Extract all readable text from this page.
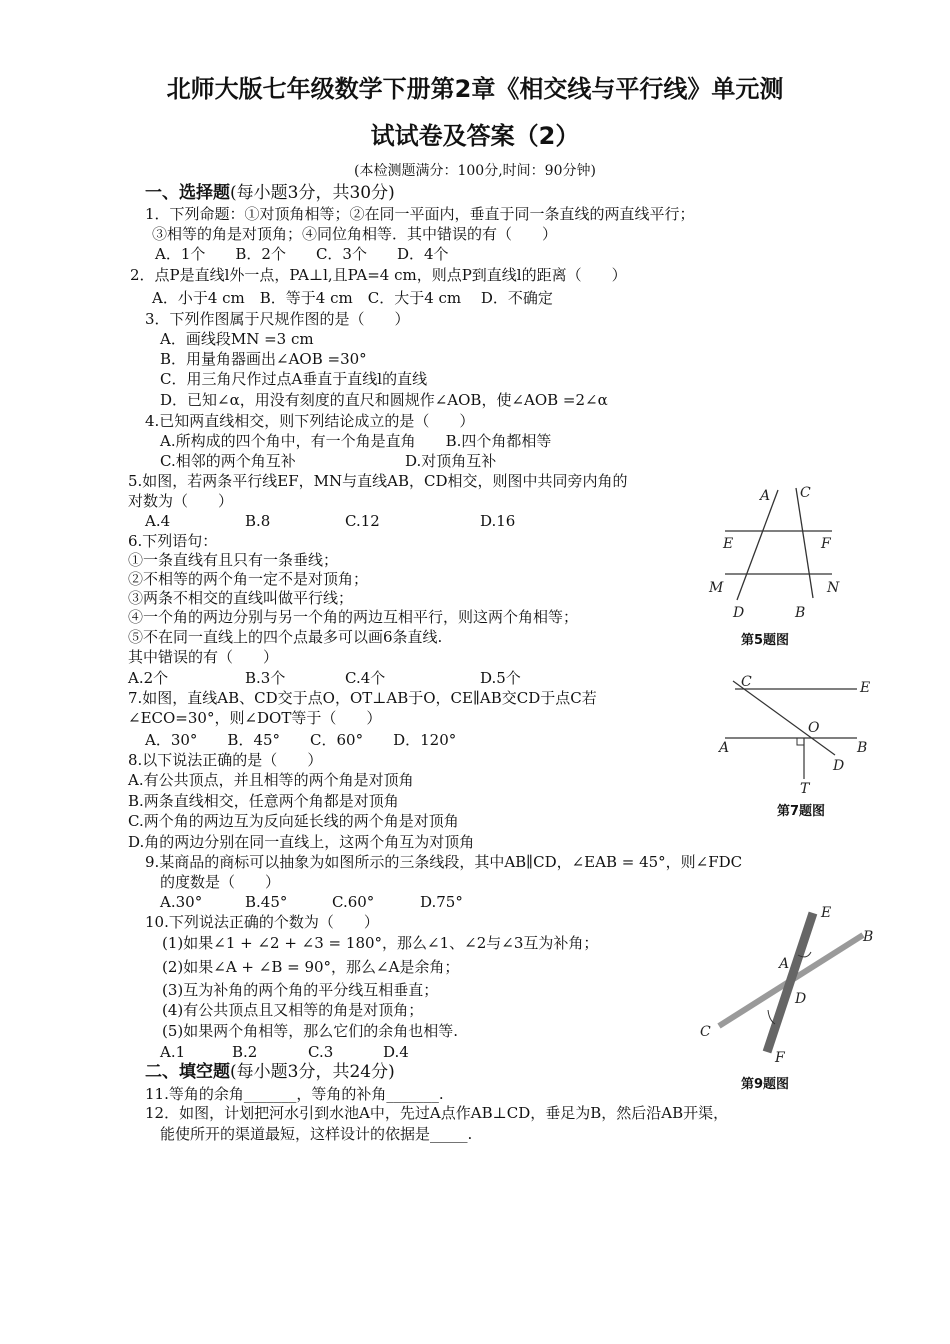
北师大版七年级数学下册第2章《相交线与平行线》单元测
试试卷及答案（2）
(本检测题满分：100分,时间：90分钟)
一、选择题(每小题3分，共30分)
1．下列命题：①对顶角相等；②在同一平面内，垂直于同一条直线的两直线平行；
③相等的角是对顶角；④同位角相等．其中错误的有（　　）
A．1个　　B．2个　　C．3个　　D．4个
2．点P是直线l外一点，PA⊥l,且PA=4 cm，则点P到直线l的距离（　　）
A．小于4 cm　B．等于4 cm　C．大于4 cm　 D．不确定
3．下列作图属于尺规作图的是（　　）
A．画线段MN =3 cm
B．用量角器画出∠AOB =30°
C．用三角尺作过点A垂直于直线l的直线
D．已知∠α，用没有刻度的直尺和圆规作∠AOB，使∠AOB =2∠α
4.已知两直线相交，则下列结论成立的是（　　）
A.所构成的四个角中，有一个角是直角　　B.四个角都相等
C.相邻的两个角互补	D.对顶角互补
5.如图，若两条平行线EF，MN与直线AB，CD相交，则图中共同旁内角的
对数为（　　）
A.4	B.8	C.12	D.16
6.下列语句：
①一条直线有且只有一条垂线；
②不相等的两个角一定不是对顶角；
③两条不相交的直线叫做平行线；
④一个角的两边分别与另一个角的两边互相平行，则这两个角相等；
⑤不在同一直线上的四个点最多可以画6条直线.
其中错误的有（　　）
A.2个	B.3个	C.4个	D.5个
7.如图，直线AB、CD交于点O，OT⊥AB于O，CE∥AB交CD于点C若
∠ECO=30°，则∠DOT等于（　　）
A．30°　　B．45°　　C．60°　　D．120°
8.以下说法正确的是（　　）
A.有公共顶点，并且相等的两个角是对顶角
B.两条直线相交，任意两个角都是对顶角
C.两个角的两边互为反向延长线的两个角是对顶角
D.角的两边分别在同一直线上，这两个角互为对顶角
9.某商品的商标可以抽象为如图所示的三条线段，其中AB∥CD，∠EAB = 45°，则∠FDC
的度数是（　　）
A.30°	B.45°	C.60°	D.75°
10.下列说法正确的个数为（　　）
(1)如果∠1 + ∠2 + ∠3 = 180°，那么∠1、∠2与∠3互为补角；
(2)如果∠A + ∠B = 90°，那么∠A是余角；
(3)互为补角的两个角的平分线互相垂直；
(4)有公共顶点且又相等的角是对顶角；
(5)如果两个角相等，那么它们的余角也相等.
A.1	B.2	C.3	D.4
二、填空题(每小题3分，共24分)
11.等角的余角_______，等角的补角_______.
12．如图，计划把河水引到水池A中，先过A点作AB⊥CD，垂足为B，然后沿AB开渠，
能使所开的渠道最短，这样设计的依据是_____.
A C
E	F
M	N
D	B
第5题图
C	E
O
A	B
D
T
第7题图
E
B
A
D
C
F
第9题图
